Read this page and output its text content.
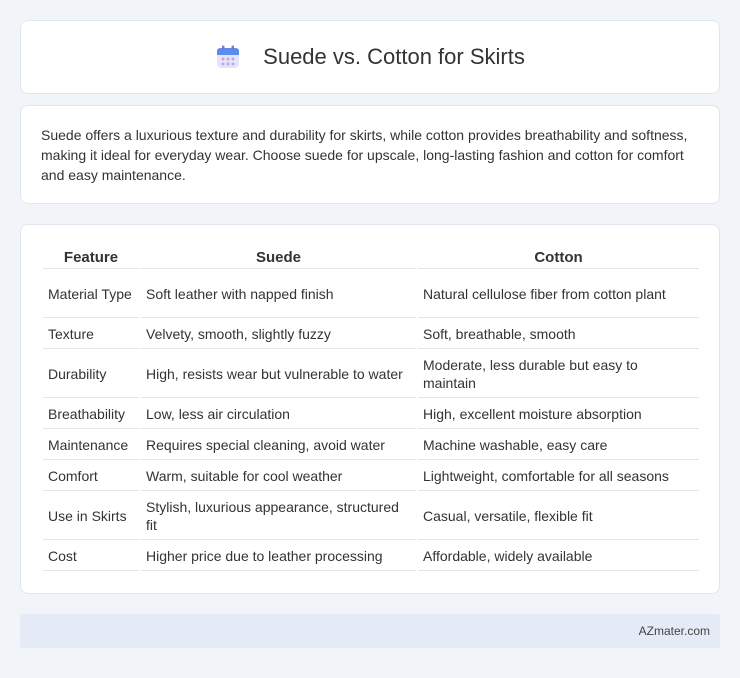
Suede vs. Cotton for Skirts

Suede offers a luxurious texture and durability for skirts, while cotton provides breathability and softness, making it ideal for everyday wear. Choose suede for upscale, long-lasting fashion and cotton for comfort and easy maintenance.

Feature	Suede	Cotton
Material Type	Soft leather with napped finish	Natural cellulose fiber from cotton plant
Texture	Velvety, smooth, slightly fuzzy	Soft, breathable, smooth
Durability	High, resists wear but vulnerable to water	Moderate, less durable but easy to maintain
Breathability	Low, less air circulation	High, excellent moisture absorption
Maintenance	Requires special cleaning, avoid water	Machine washable, easy care
Comfort	Warm, suitable for cool weather	Lightweight, comfortable for all seasons
Use in Skirts	Stylish, luxurious appearance, structured fit	Casual, versatile, flexible fit
Cost	Higher price due to leather processing	Affordable, widely available
AZmater.com
